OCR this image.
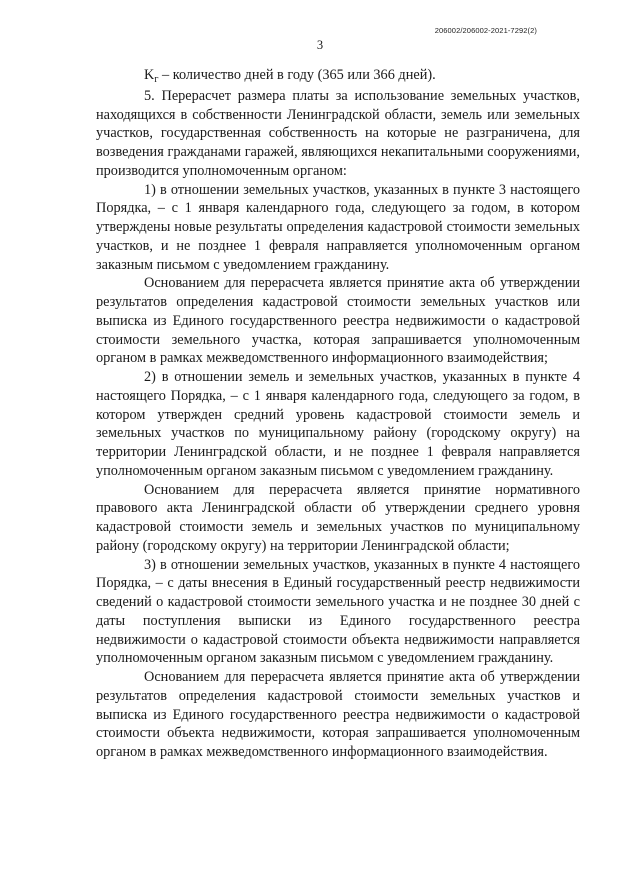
206002/206002-2021-7292(2)
3

$K_г$ – количество дней в году (365 или 366 дней).

5. Перерасчет размера платы за использование земельных участков, находящихся в собственности Ленинградской области, земель или земельных участков, государственная собственность на которые не разграничена, для возведения гражданами гаражей, являющихся некапитальными сооружениями, производится уполномоченным органом:

1) в отношении земельных участков, указанных в пункте 3 настоящего Порядка, – с 1 января календарного года, следующего за годом, в котором утверждены новые результаты определения кадастровой стоимости земельных участков, и не позднее 1 февраля направляется уполномоченным органом заказным письмом с уведомлением гражданину.

Основанием для перерасчета является принятие акта об утверждении результатов определения кадастровой стоимости земельных участков или выписка из Единого государственного реестра недвижимости о кадастровой стоимости земельного участка, которая запрашивается уполномоченным органом в рамках межведомственного информационного взаимодействия;

2) в отношении земель и земельных участков, указанных в пункте 4 настоящего Порядка, – с 1 января календарного года, следующего за годом, в котором утвержден средний уровень кадастровой стоимости земель и земельных участков по муниципальному району (городскому округу) на территории Ленинградской области, и не позднее 1 февраля направляется уполномоченным органом заказным письмом с уведомлением гражданину.

Основанием для перерасчета является принятие нормативного правового акта Ленинградской области об утверждении среднего уровня кадастровой стоимости земель и земельных участков по муниципальному району (городскому округу) на территории Ленинградской области;

3) в отношении земельных участков, указанных в пункте 4 настоящего Порядка, – с даты внесения в Единый государственный реестр недвижимости сведений о кадастровой стоимости земельного участка и не позднее 30 дней с даты поступления выписки из Единого государственного реестра недвижимости о кадастровой стоимости объекта недвижимости направляется уполномоченным органом заказным письмом с уведомлением гражданину.

Основанием для перерасчета является принятие акта об утверждении результатов определения кадастровой стоимости земельных участков и выписка из Единого государственного реестра недвижимости о кадастровой стоимости объекта недвижимости, которая запрашивается уполномоченным органом в рамках межведомственного информационного взаимодействия.
